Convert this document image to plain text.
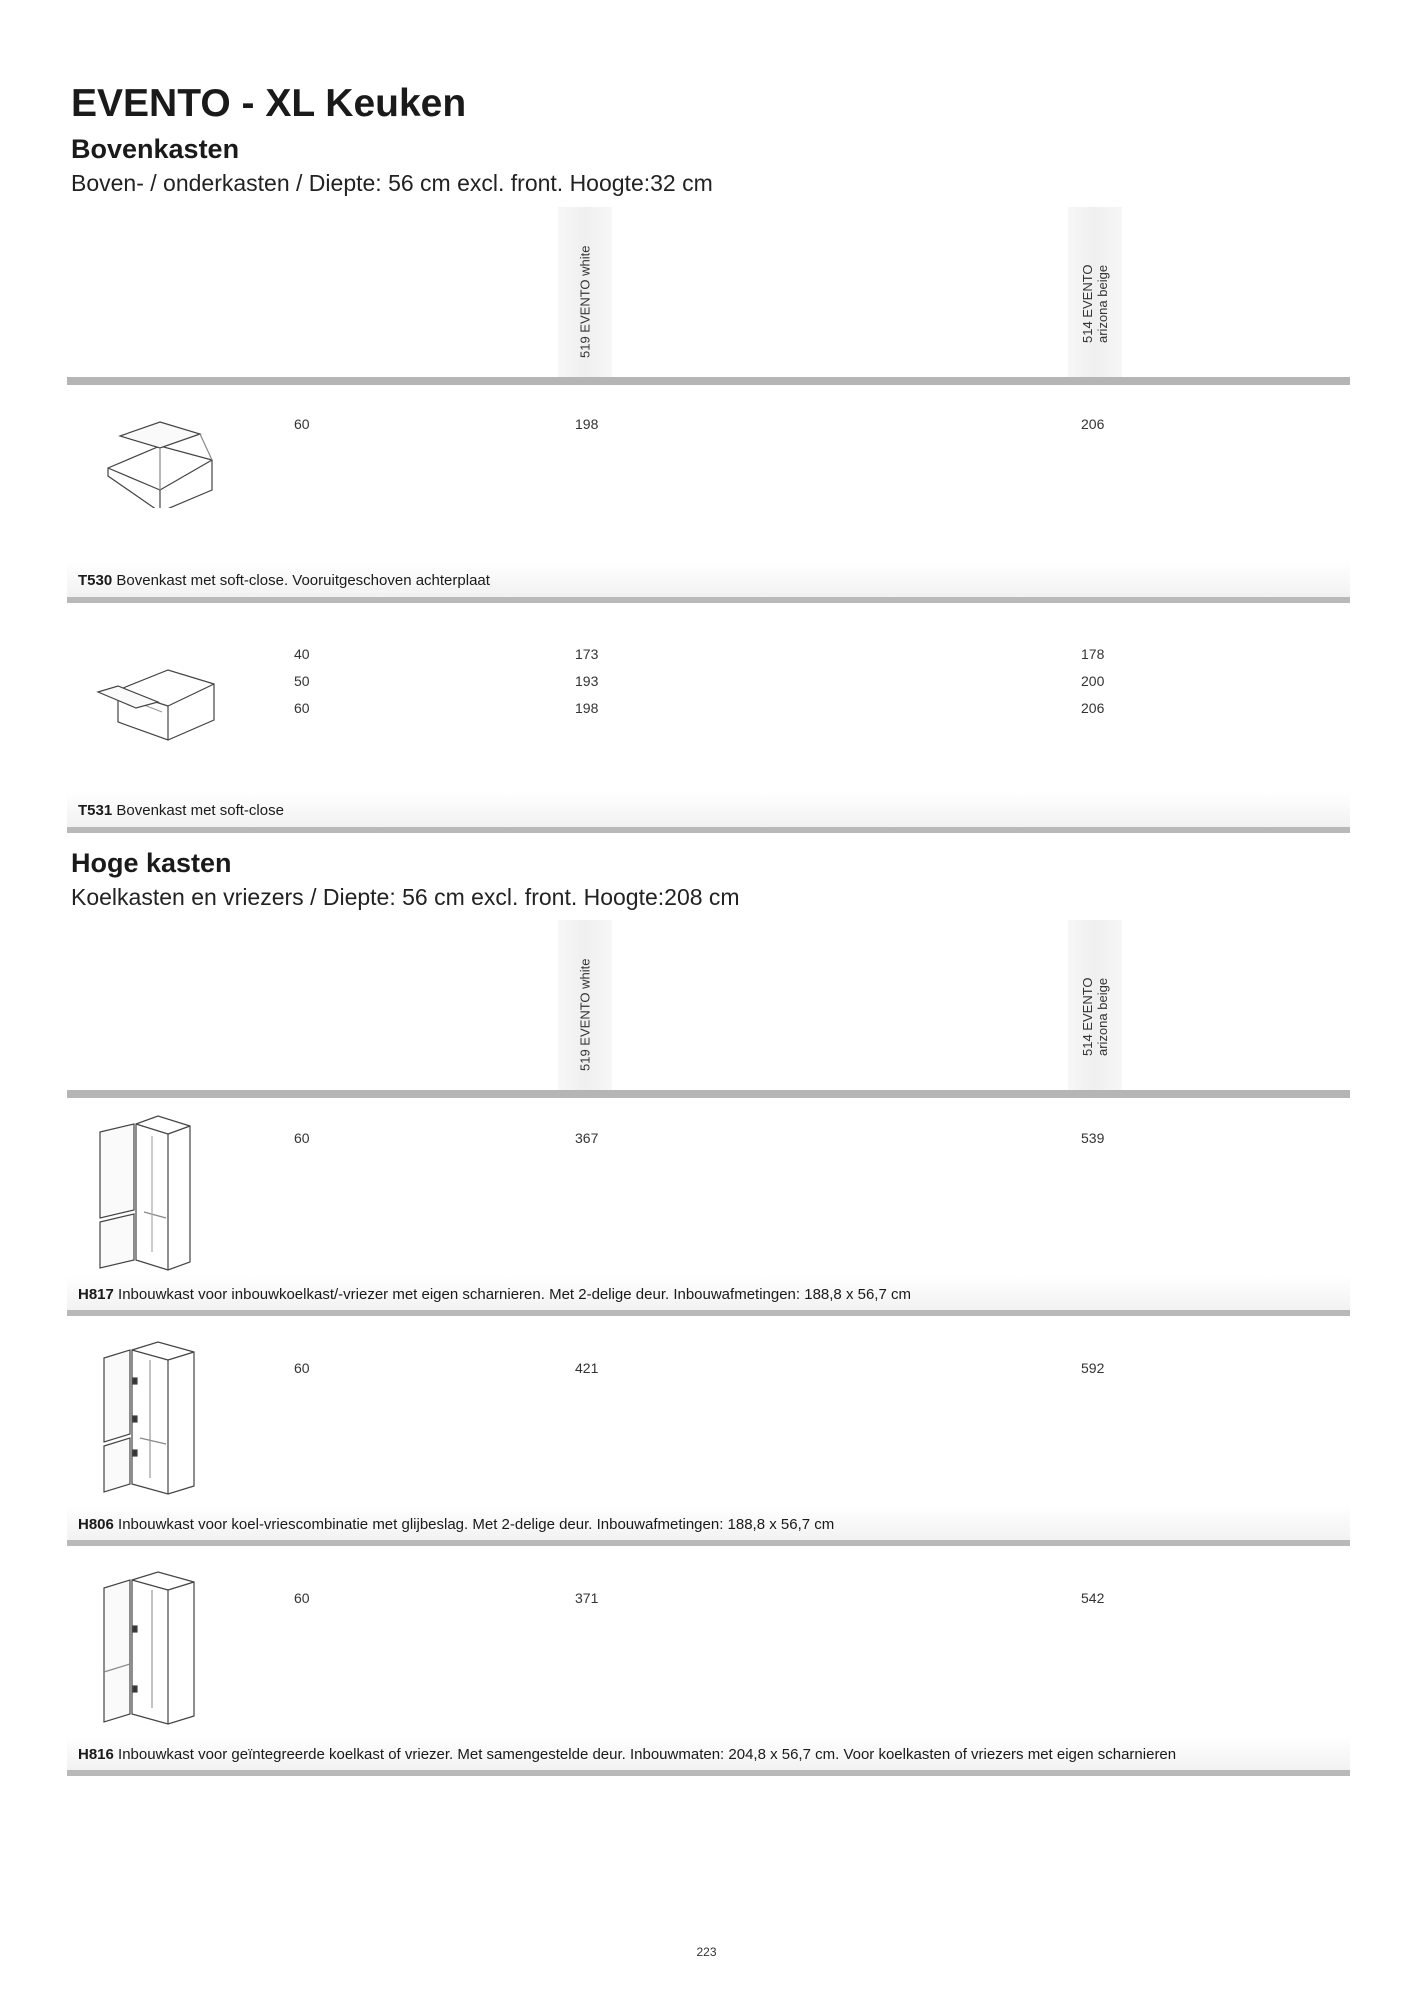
EVENTO - XL Keuken
Bovenkasten
Boven- / onderkasten / Diepte: 56 cm excl. front. Hoogte:32 cm
519 EVENTO white	514 EVENTO arizona beige
60	198	206
T530 Bovenkast met soft-close. Vooruitgeschoven achterplaat
40	173	178
50	193	200
60	198	206
T531 Bovenkast met soft-close
Hoge kasten
Koelkasten en vriezers / Diepte: 56 cm excl. front. Hoogte:208 cm
519 EVENTO white	514 EVENTO arizona beige
60	367	539
H817 Inbouwkast voor inbouwkoelkast/-vriezer met eigen scharnieren. Met 2-delige deur. Inbouwafmetingen: 188,8 x 56,7 cm
60	421	592
H806 Inbouwkast voor koel-vriescombinatie met glijbeslag. Met 2-delige deur. Inbouwafmetingen: 188,8 x 56,7 cm
60	371	542
H816 Inbouwkast voor geïntegreerde koelkast of vriezer. Met samengestelde deur. Inbouwmaten: 204,8 x 56,7 cm. Voor koelkasten of vriezers met eigen scharnieren
223
